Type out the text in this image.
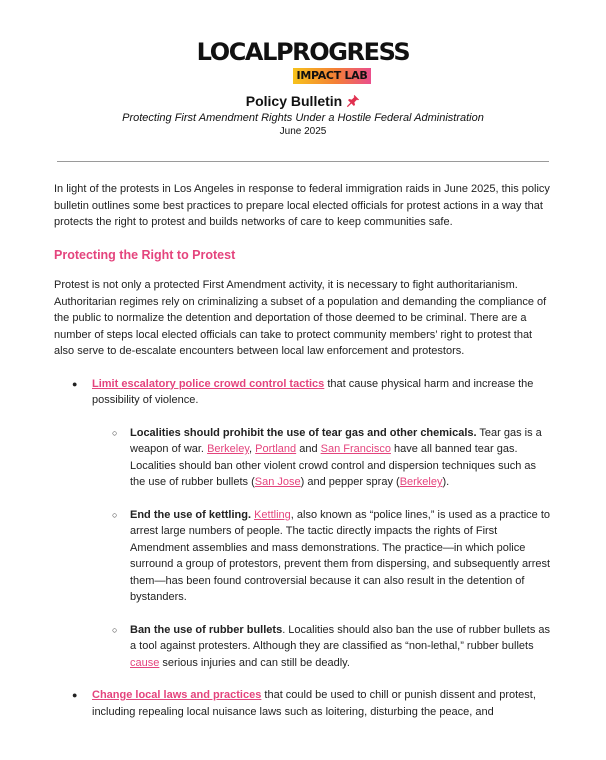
LOCALPROGRESS
IMPACT LAB
Policy Bulletin
Protecting First Amendment Rights Under a Hostile Federal Administration
June 2025

In light of the protests in Los Angeles in response to federal immigration raids in June 2025, this policy bulletin outlines some best practices to prepare local elected officials for protest actions in a way that protects the right to protest and builds networks of care to keep communities safe.

Protecting the Right to Protest

Protest is not only a protected First Amendment activity, it is necessary to fight authoritarianism. Authoritarian regimes rely on criminalizing a subset of a population and demanding the compliance of the public to normalize the detention and deportation of those deemed to be criminal. There are a number of steps local elected officials can take to protect community members’ right to protest that also serve to de-escalate encounters between local law enforcement and protestors.

● Limit escalatory police crowd control tactics that cause physical harm and increase the possibility of violence.
○ Localities should prohibit the use of tear gas and other chemicals. Tear gas is a weapon of war. Berkeley, Portland and San Francisco have all banned tear gas. Localities should ban other violent crowd control and dispersion techniques such as the use of rubber bullets (San Jose) and pepper spray (Berkeley).
○ End the use of kettling. Kettling, also known as “police lines,” is used as a practice to arrest large numbers of people. The tactic directly impacts the rights of First Amendment assemblies and mass demonstrations. The practice—in which police surround a group of protestors, prevent them from dispersing, and subsequently arrest them—has been found controversial because it can also result in the detention of bystanders.
○ Ban the use of rubber bullets. Localities should also ban the use of rubber bullets as a tool against protesters. Although they are classified as “non-lethal,” rubber bullets cause serious injuries and can still be deadly.
● Change local laws and practices that could be used to chill or punish dissent and protest, including repealing local nuisance laws such as loitering, disturbing the peace, and
